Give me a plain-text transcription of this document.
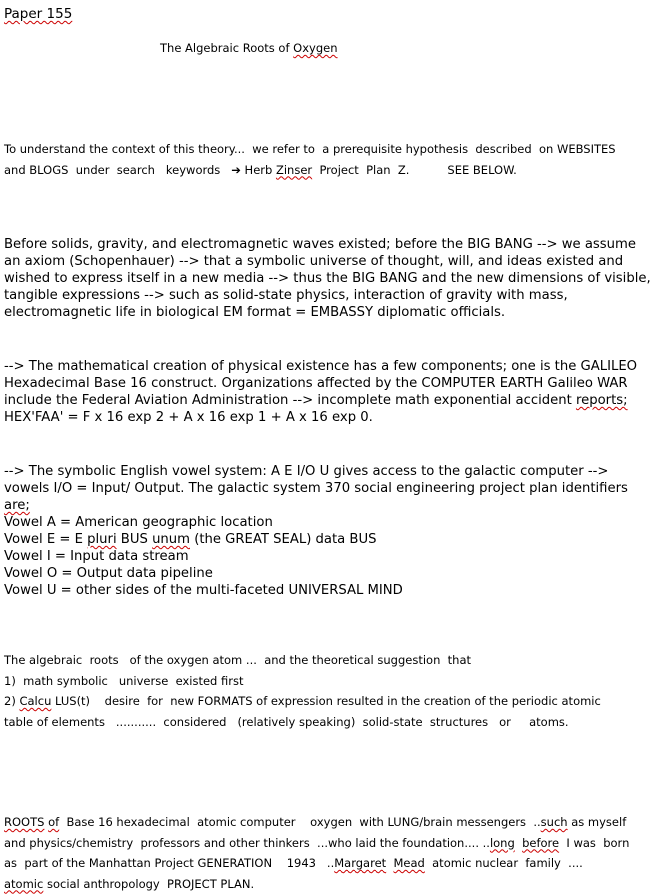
Paper 155
The Algebraic Roots of Oxygen
To understand the context of this theory...  we refer to  a prerequisite hypothesis  described  on WEBSITES
and BLOGS  under  search   keywords   ➔ Herb Zinser  Project  Plan  Z.	SEE BELOW.
Before solids, gravity, and electromagnetic waves existed; before the BIG BANG --> we assume an axiom (Schopenhauer) --> that a symbolic universe of thought, will, and ideas existed and wished to express itself in a new media --> thus the BIG BANG and the new dimensions of visible, tangible expressions --> such as solid-state physics, interaction of gravity with mass, electromagnetic life in biological EM format = EMBASSY diplomatic officials.
--> The mathematical creation of physical existence has a few components; one is the GALILEO Hexadecimal Base 16 construct. Organizations affected by the COMPUTER EARTH Galileo WAR include the Federal Aviation Administration --> incomplete math exponential accident reports;
HEX'FAA' = F x 16 exp 2 + A x 16 exp 1 + A x 16 exp 0.
--> The symbolic English vowel system: A E I/O U gives access to the galactic computer --> vowels I/O = Input/ Output. The galactic system 370 social engineering project plan identifiers are;
Vowel A = American geographic location
Vowel E = E pluri BUS unum (the GREAT SEAL) data BUS
Vowel I = Input data stream
Vowel O = Output data pipeline
Vowel U = other sides of the multi-faceted UNIVERSAL MIND
The algebraic  roots   of the oxygen atom ...  and the theoretical suggestion  that
1)  math symbolic   universe  existed first
2) Calcu LUS(t)    desire  for  new FORMATS of expression resulted in the creation of the periodic atomic
table of elements   ...........  considered   (relatively speaking)  solid-state  structures   or     atoms.
ROOTS of  Base 16 hexadecimal  atomic computer    oxygen  with LUNG/brain messengers  ..such as myself
and physics/chemistry  professors and other thinkers  ...who laid the foundation.... ..long before  I was  born
as  part of the Manhattan Project GENERATION    1943   ..Margaret Mead  atomic nuclear  family  ....
atomic social anthropology  PROJECT PLAN.
